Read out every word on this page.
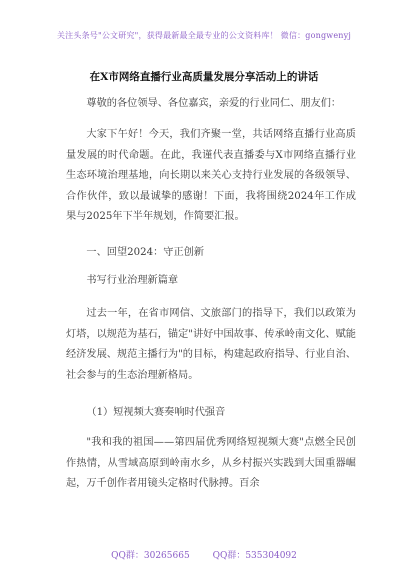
关注头条号"公文研究"，获得最新最全最专业的公文资料库！ 微信：gongwenyj
在X市网络直播行业高质量发展分享活动上的讲话

尊敬的各位领导、各位嘉宾，亲爱的行业同仁、朋友们：

大家下午好！今天，我们齐聚一堂，共话网络直播行业高质量发展的时代命题。在此，我谨代表直播委与X市网络直播行业生态环境治理基地，向长期以来关心支持行业发展的各级领导、合作伙伴，致以最诚挚的感谢！下面，我将围绕2024年工作成果与2025年下半年规划，作简要汇报。

一、回望2024：守正创新

书写行业治理新篇章

过去一年，在省市网信、文旅部门的指导下，我们以政策为灯塔，以规范为基石，锚定"讲好中国故事、传承岭南文化、赋能经济发展、规范主播行为"的目标，构建起政府指导、行业自治、社会参与的生态治理新格局。

（1）短视频大赛奏响时代强音

"我和我的祖国——第四届优秀网络短视频大赛"点燃全民创作热情，从雪域高原到岭南水乡，从乡村振兴实践到大国重器崛起，万千创作者用镜头定格时代脉搏。百余

QQ群：30265665	QQ群：535304092
